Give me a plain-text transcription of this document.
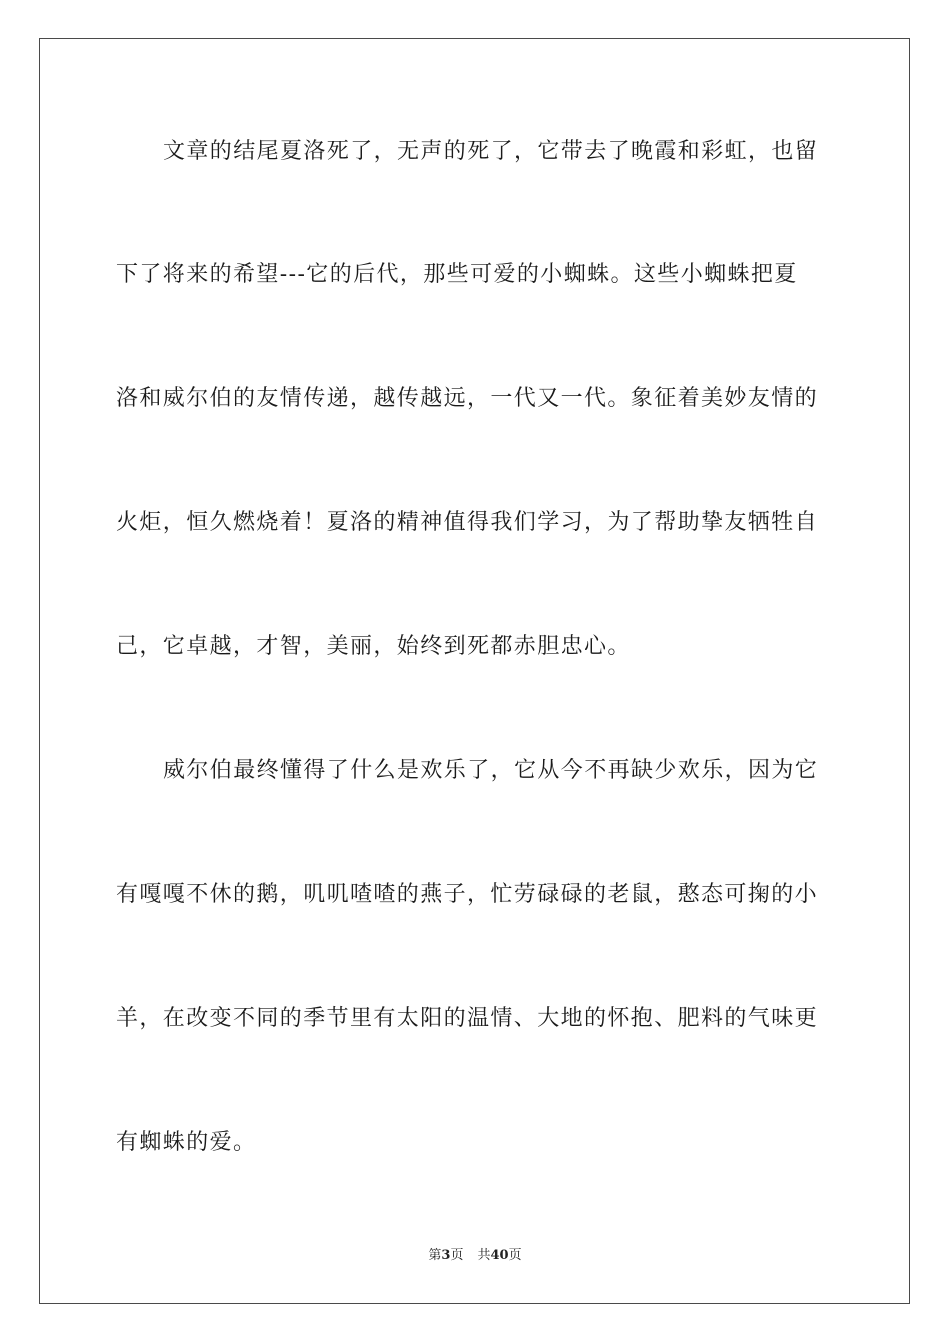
文章的结尾夏洛死了，无声的死了，它带去了晚霞和彩虹，也留
下了将来的希望---它的后代，那些可爱的小蜘蛛。这些小蜘蛛把夏
洛和威尔伯的友情传递，越传越远，一代又一代。象征着美妙友情的
火炬，恒久燃烧着！夏洛的精神值得我们学习，为了帮助挚友牺牲自
己，它卓越，才智，美丽，始终到死都赤胆忠心。
威尔伯最终懂得了什么是欢乐了，它从今不再缺少欢乐，因为它
有嘎嘎不休的鹅，叽叽喳喳的燕子，忙劳碌碌的老鼠，憨态可掬的小
羊，在改变不同的季节里有太阳的温情、大地的怀抱、肥料的气味更
有蜘蛛的爱。
第3页 共40页
